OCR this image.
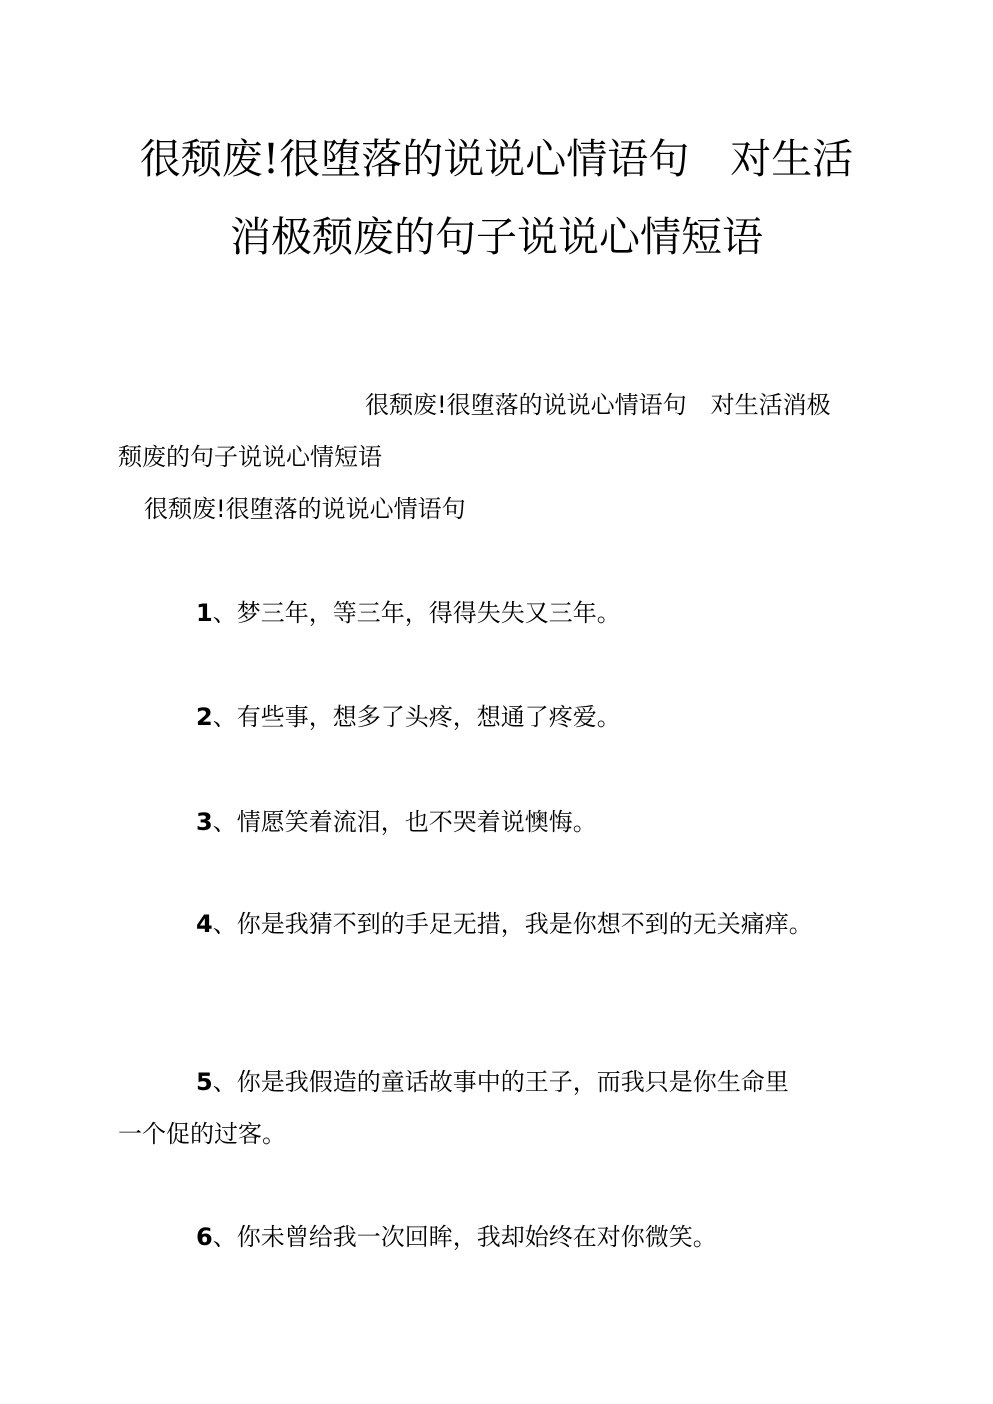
很颓废!很堕落的说说心情语句　对生活
消极颓废的句子说说心情短语
很颓废!很堕落的说说心情语句　对生活消极
颓废的句子说说心情短语
很颓废!很堕落的说说心情语句
1、梦三年，等三年，得得失失又三年。
2、有些事，想多了头疼，想通了疼爱。
3、情愿笑着流泪，也不哭着说懊悔。
4、你是我猜不到的手足无措，我是你想不到的无关痛痒。
5、你是我假造的童话故事中的王子，而我只是你生命里
一个促的过客。
6、你未曾给我一次回眸，我却始终在对你微笑。
